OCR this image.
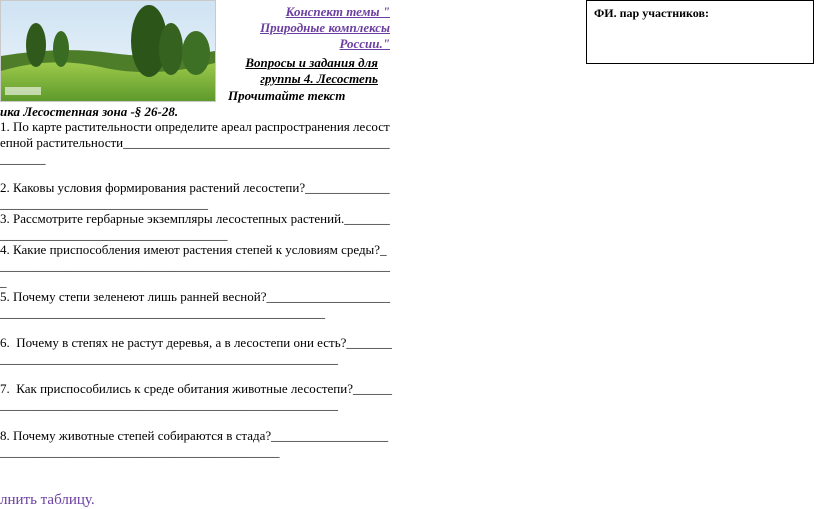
Конспект темы " Природные комплексы России."
Вопросы и задания для группы 4. Лесостепь
Прочитайте текст
ика Лесостепная зона -§ 26-28.
ФИ. пар участников:
1. По карте растительности определите ареал распространения лесостепной растительности________________________________________________
2. Каковы условия формирования растений лесостепи?_____________________________________________
3. Рассмотрите гербарные экземпляры лесостепных растений.__________________________________________
4. Какие приспособления имеют растения степей к условиям среды?______________________________________________________________
5. Почему степи зеленеют лишь ранней весной?_____________________________________________________________________
6.  Почему в степях не растут деревья, а в лесостепи они есть?___________________________________________________________
7.  Как приспособились к среде обитания животные лесостепи?__________________________________________________________
8. Почему животные степей собираются в стада?_____________________________________________________________
лнить таблицу.
